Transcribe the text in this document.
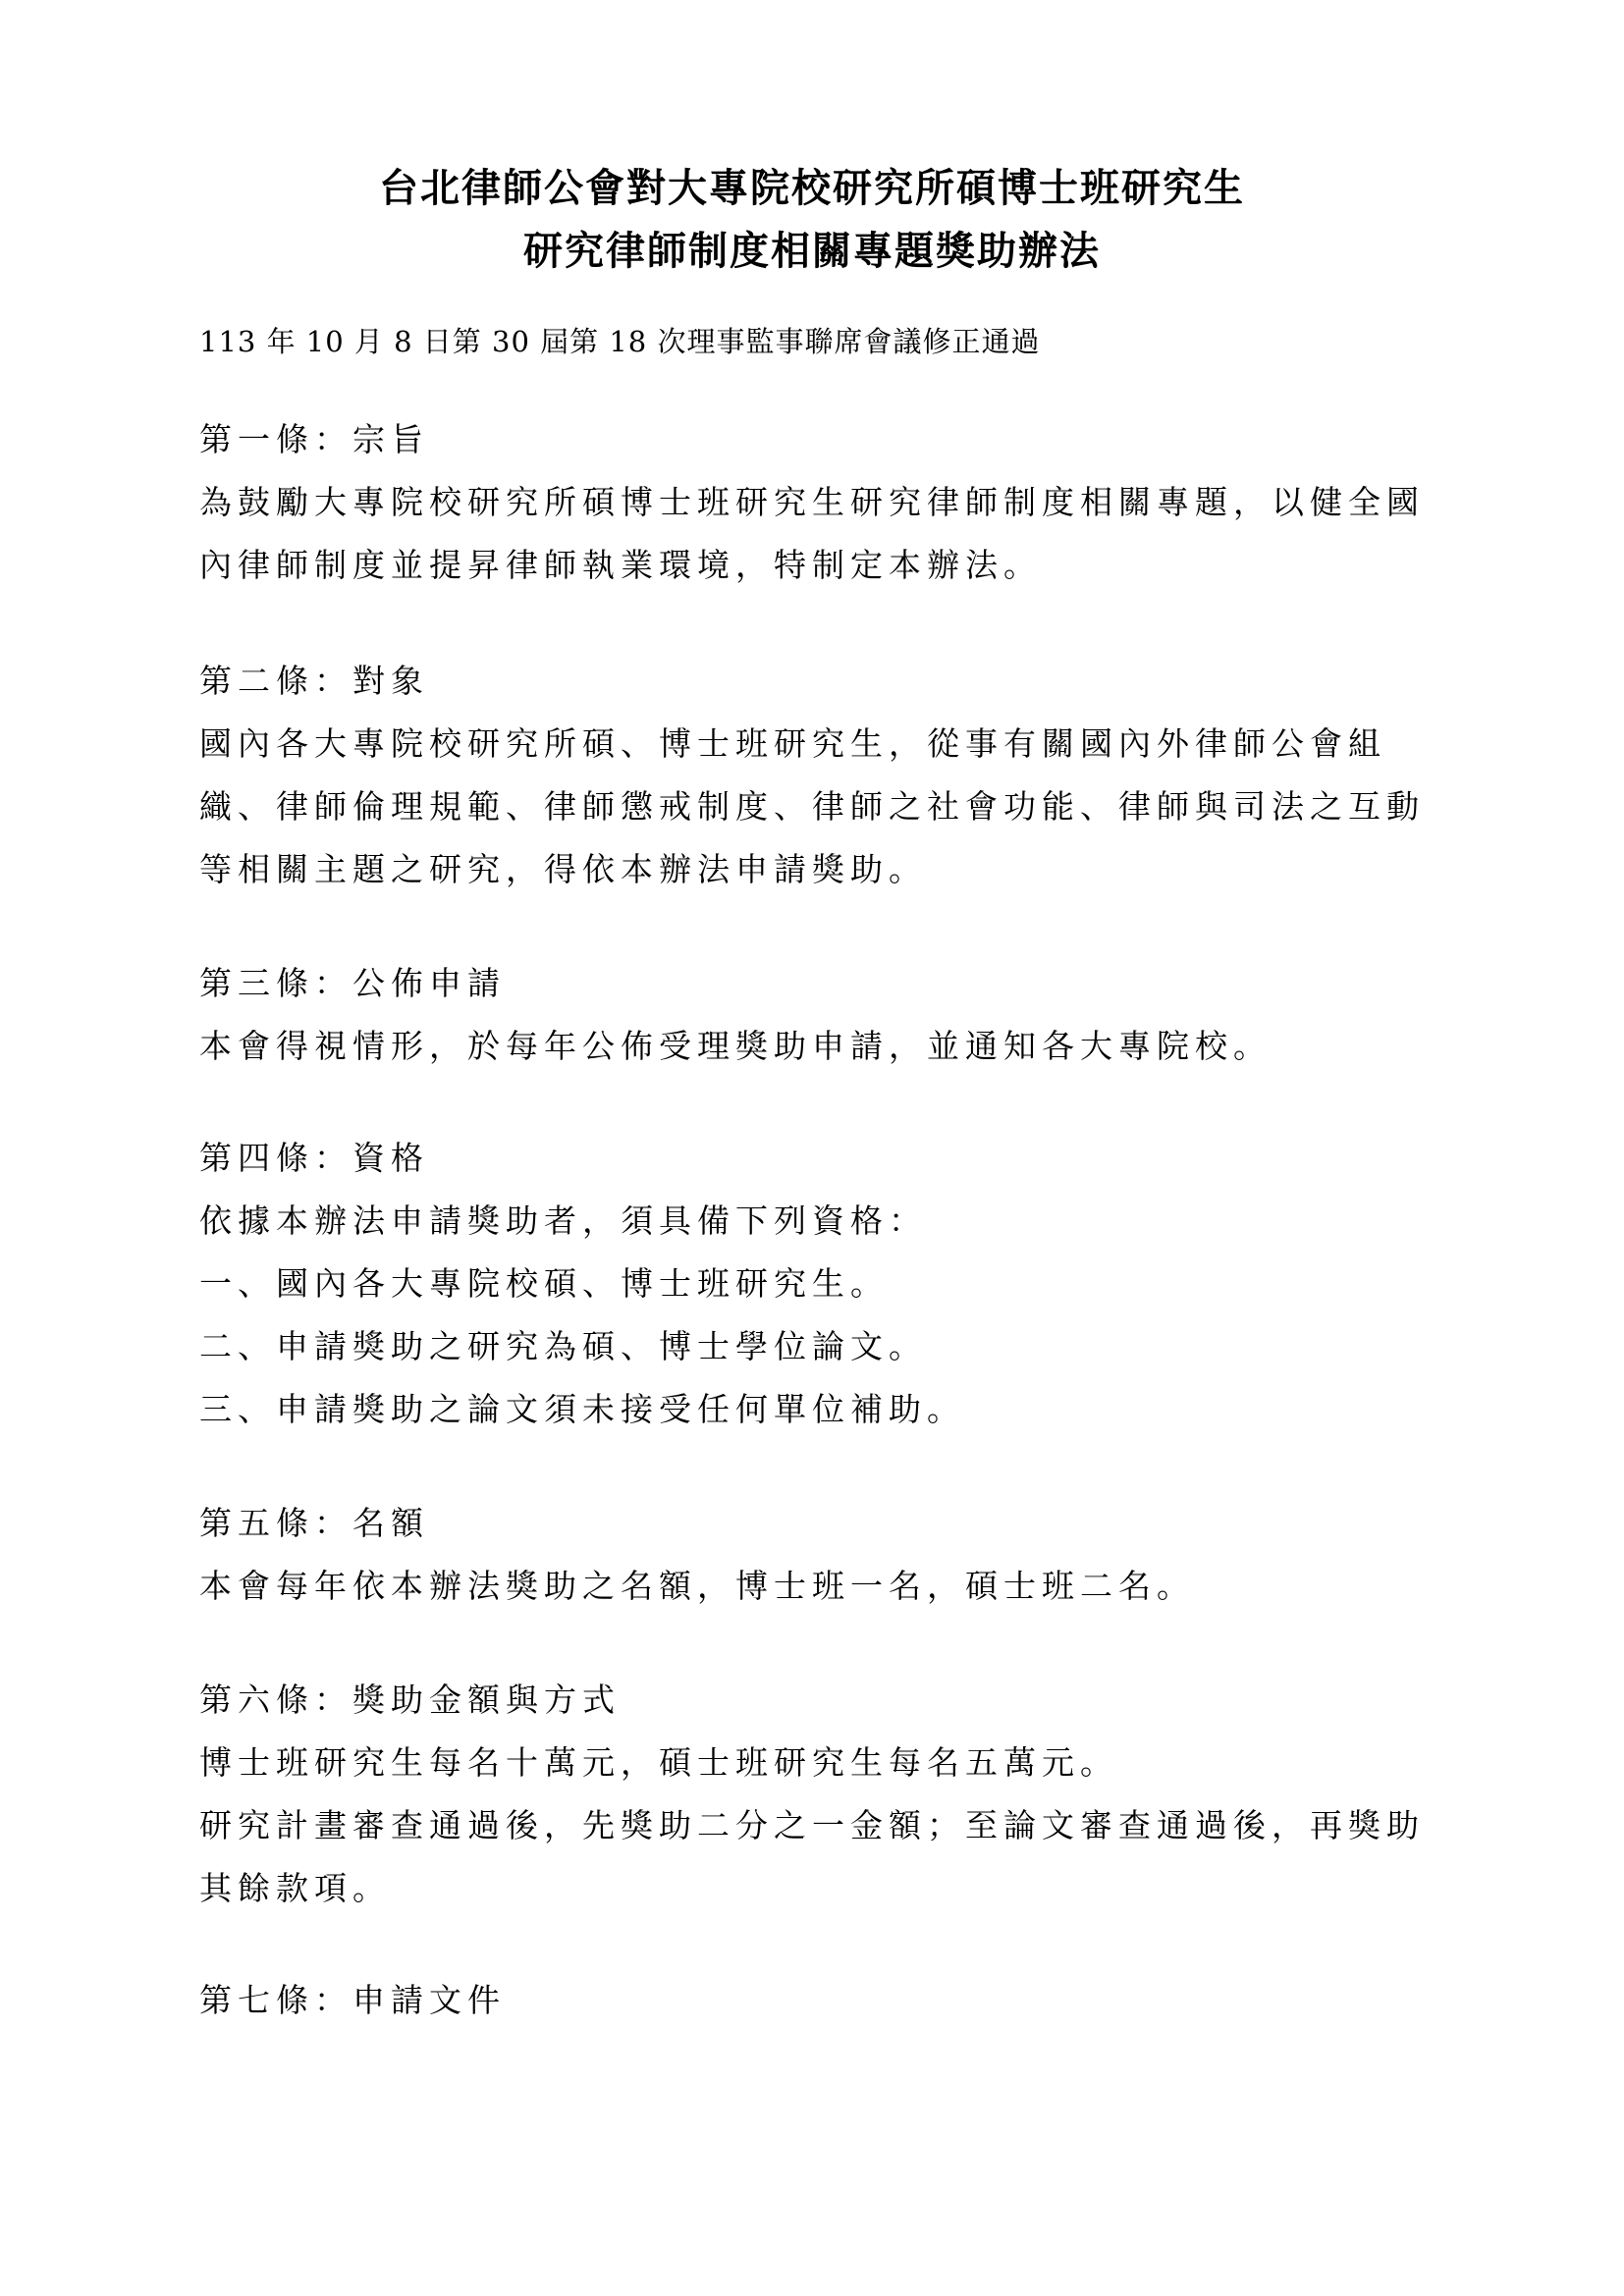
台北律師公會對大專院校研究所碩博士班研究生
研究律師制度相關專題獎助辦法
113 年 10 月 8 日第 30 屆第 18 次理事監事聯席會議修正通過
第一條：宗旨
為鼓勵大專院校研究所碩博士班研究生研究律師制度相關專題，以健全國內律師制度並提昇律師執業環境，特制定本辦法。
第二條：對象
國內各大專院校研究所碩、博士班研究生，從事有關國內外律師公會組織、律師倫理規範、律師懲戒制度、律師之社會功能、律師與司法之互動等相關主題之研究，得依本辦法申請獎助。
第三條：公佈申請
本會得視情形，於每年公佈受理獎助申請，並通知各大專院校。
第四條：資格
依據本辦法申請獎助者，須具備下列資格：
一、國內各大專院校碩、博士班研究生。
二、申請獎助之研究為碩、博士學位論文。
三、申請獎助之論文須未接受任何單位補助。
第五條：名額
本會每年依本辦法獎助之名額，博士班一名，碩士班二名。
第六條：獎助金額與方式
博士班研究生每名十萬元，碩士班研究生每名五萬元。
研究計畫審查通過後，先獎助二分之一金額；至論文審查通過後，再獎助其餘款項。
第七條：申請文件
